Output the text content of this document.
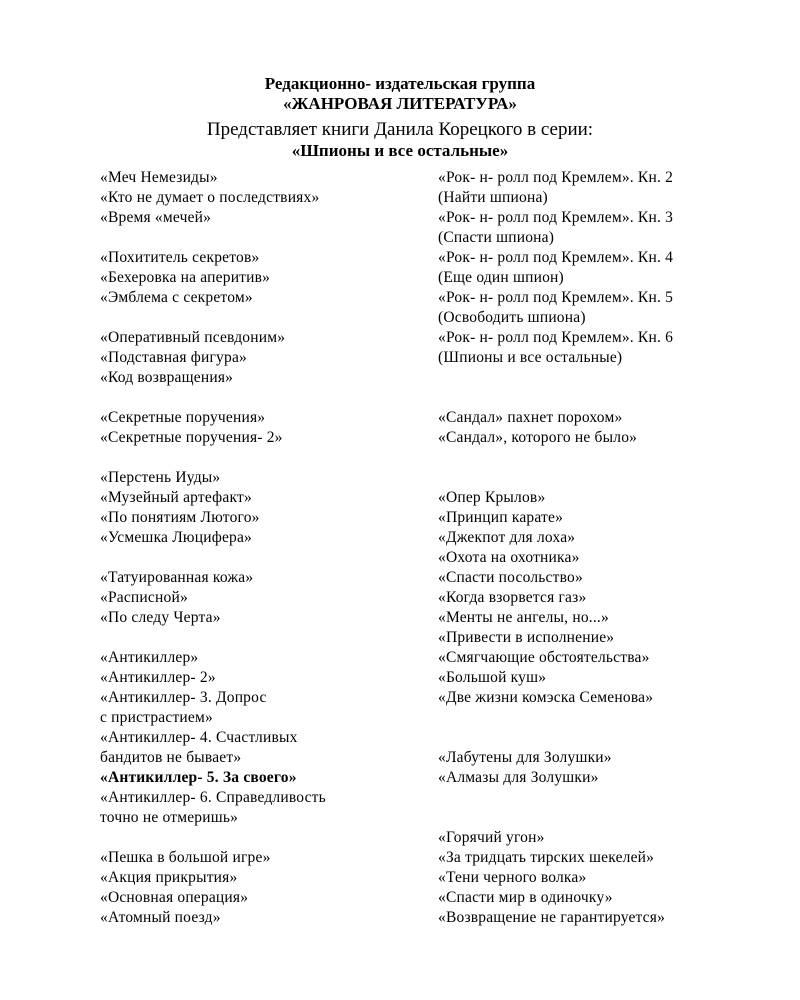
Редакционно- издательская группа
«ЖАНРОВАЯ ЛИТЕРАТУРА»
Представляет книги Данила Корецкого в серии:
«Шпионы и все остальные»
«Меч Немезиды»
«Кто не думает о последствиях»
«Время «мечей»
«Похититель секретов»
«Бехеровка на аперитив»
«Эмблема с секретом»
«Оперативный псевдоним»
«Подставная фигура»
«Код возвращения»
«Секретные поручения»
«Секретные поручения- 2»
«Перстень Иуды»
«Музейный артефакт»
«По понятиям Лютого»
«Усмешка Люцифера»
«Татуированная кожа»
«Расписной»
«По следу Черта»
«Антикиллер»
«Антикиллер- 2»
«Антикиллер- 3. Допрос
с пристрастием»
«Антикиллер- 4. Счастливых
бандитов не бывает»
«Антикиллер- 5. За своего»
«Антикиллер- 6. Справедливость
точно не отмеришь»
«Пешка в большой игре»
«Акция прикрытия»
«Основная операция»
«Атомный поезд»
«Рок- н- ролл под Кремлем». Кн. 2
(Найти шпиона)
«Рок- н- ролл под Кремлем». Кн. 3
(Спасти шпиона)
«Рок- н- ролл под Кремлем». Кн. 4
(Еще один шпион)
«Рок- н- ролл под Кремлем». Кн. 5
(Освободить шпиона)
«Рок- н- ролл под Кремлем». Кн. 6
(Шпионы и все остальные)
«Сандал» пахнет порохом»
«Сандал», которого не было»
«Опер Крылов»
«Принцип карате»
«Джекпот для лоха»
«Охота на охотника»
«Спасти посольство»
«Когда взорвется газ»
«Менты не ангелы, но...»
«Привести в исполнение»
«Смягчающие обстоятельства»
«Большой куш»
«Две жизни комэска Семенова»
«Лабутены для Золушки»
«Алмазы для Золушки»
«Горячий угон»
«За тридцать тирских шекелей»
«Тени черного волка»
«Спасти мир в одиночку»
«Возвращение не гарантируется»
